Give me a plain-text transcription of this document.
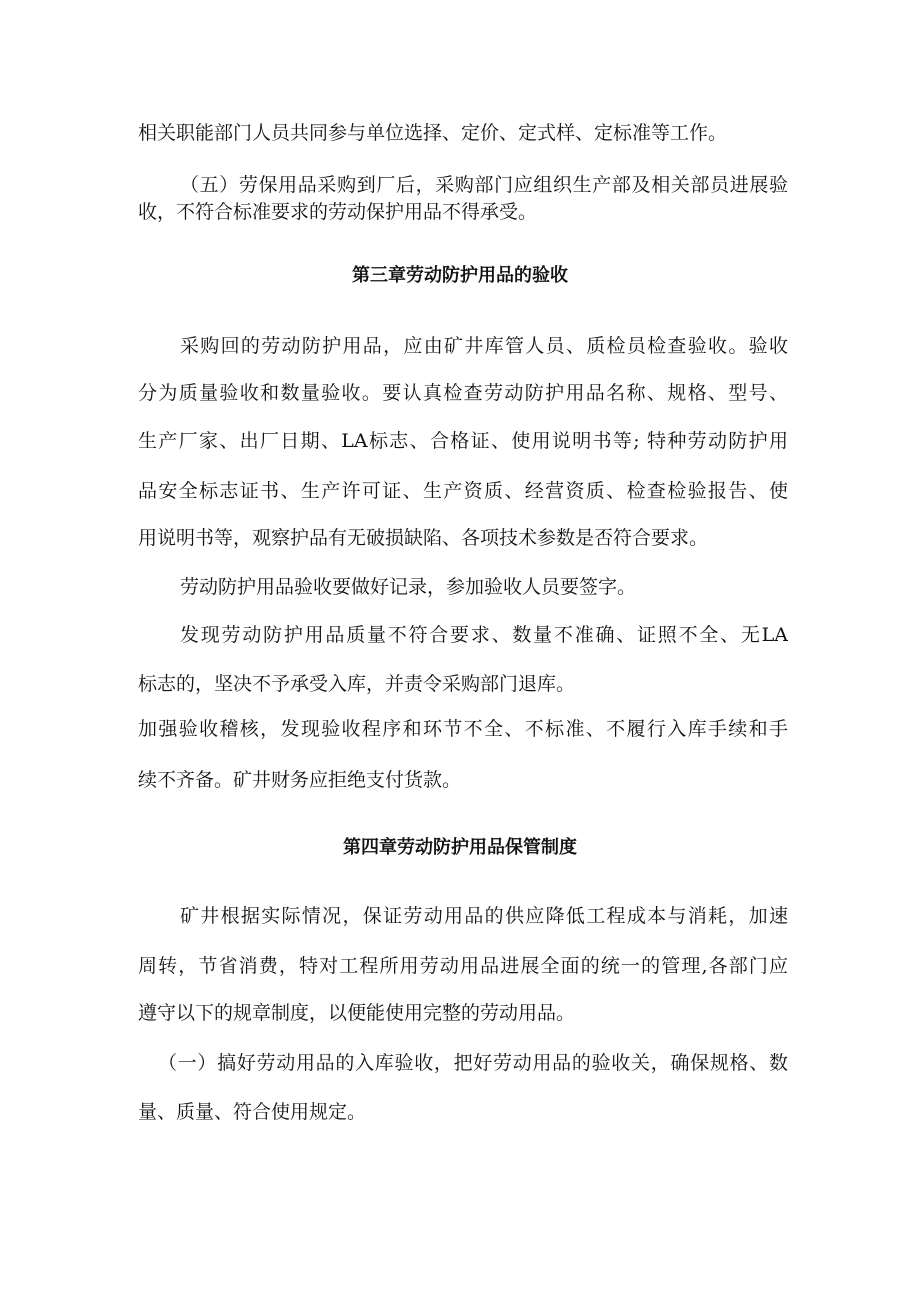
相关职能部门人员共同参与单位选择、定价、定式样、定标准等工作。
（五）劳保用品采购到厂后，采购部门应组织生产部及相关部员进展验
收，不符合标准要求的劳动保护用品不得承受。
第三章劳动防护用品的验收
采购回的劳动防护用品，应由矿井库管人员、质检员检查验收。验收
分为质量验收和数量验收。要认真检查劳动防护用品名称、规格、型号、
生产厂家、出厂日期、LA标志、合格证、使用说明书等; 特种劳动防护用
品安全标志证书、生产许可证、生产资质、经营资质、检查检验报告、使
用说明书等，观察护品有无破损缺陷、各项技术参数是否符合要求。
劳动防护用品验收要做好记录，参加验收人员要签字。
发现劳动防护用品质量不符合要求、数量不准确、证照不全、无LA
标志的，坚决不予承受入库，并责令采购部门退库。
加强验收稽核，发现验收程序和环节不全、不标准、不履行入库手续和手
续不齐备。矿井财务应拒绝支付货款。
第四章劳动防护用品保管制度
矿井根据实际情况，保证劳动用品的供应降低工程成本与消耗，加速
周转，节省消费，特对工程所用劳动用品进展全面的统一的管理,各部门应
遵守以下的规章制度，以便能使用完整的劳动用品。
（一）搞好劳动用品的入库验收，把好劳动用品的验收关，确保规格、数
量、质量、符合使用规定。
